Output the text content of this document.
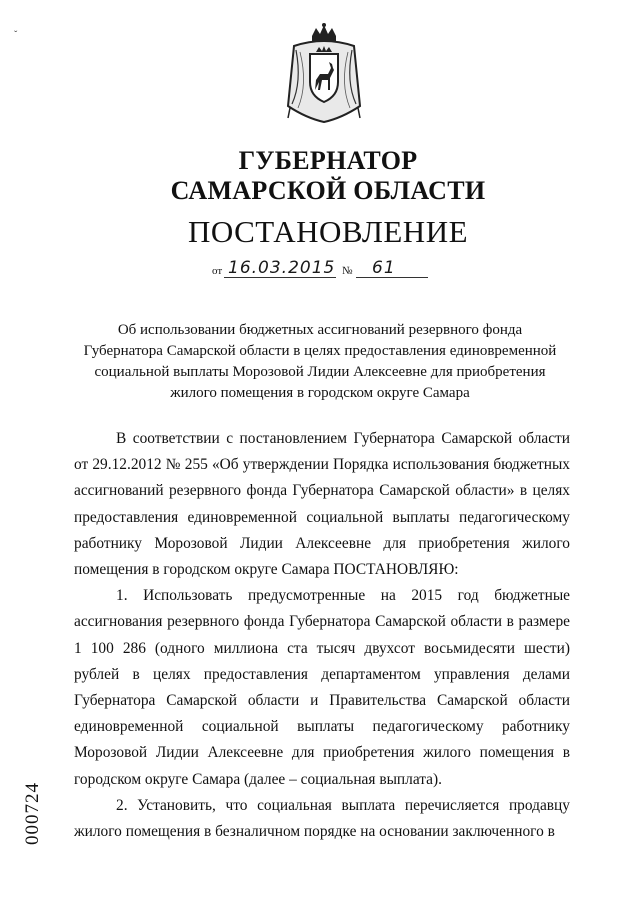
ˇ
ГУБЕРНАТОР
САМАРСКОЙ ОБЛАСТИ
ПОСТАНОВЛЕНИЕ
от 16.03.2015 № 61
Об использовании бюджетных ассигнований резервного фонда
Губернатора Самарской области в целях предоставления единовременной
социальной выплаты Морозовой Лидии Алексеевне для приобретения
жилого помещения в городском округе Самара

В соответствии с постановлением Губернатора Самарской области от 29.12.2012 № 255 «Об утверждении Порядка использования бюджетных ассигнований резервного фонда Губернатора Самарской области» в целях предоставления единовременной социальной выплаты педагогическому работнику Морозовой Лидии Алексеевне для приобретения жилого помещения в городском округе Самара ПОСТАНОВЛЯЮ:

1. Использовать предусмотренные на 2015 год бюджетные ассигнования резервного фонда Губернатора Самарской области в размере 1 100 286 (одного миллиона ста тысяч двухсот восьмидесяти шести) рублей в целях предоставления департаментом управления делами Губернатора Самарской области и Правительства Самарской области единовременной социальной выплаты педагогическому работнику Морозовой Лидии Алексеевне для приобретения жилого помещения в городском округе Самара (далее – социальная выплата).

2. Установить, что социальная выплата перечисляется продавцу жилого помещения в безналичном порядке на основании заключенного в

000724
